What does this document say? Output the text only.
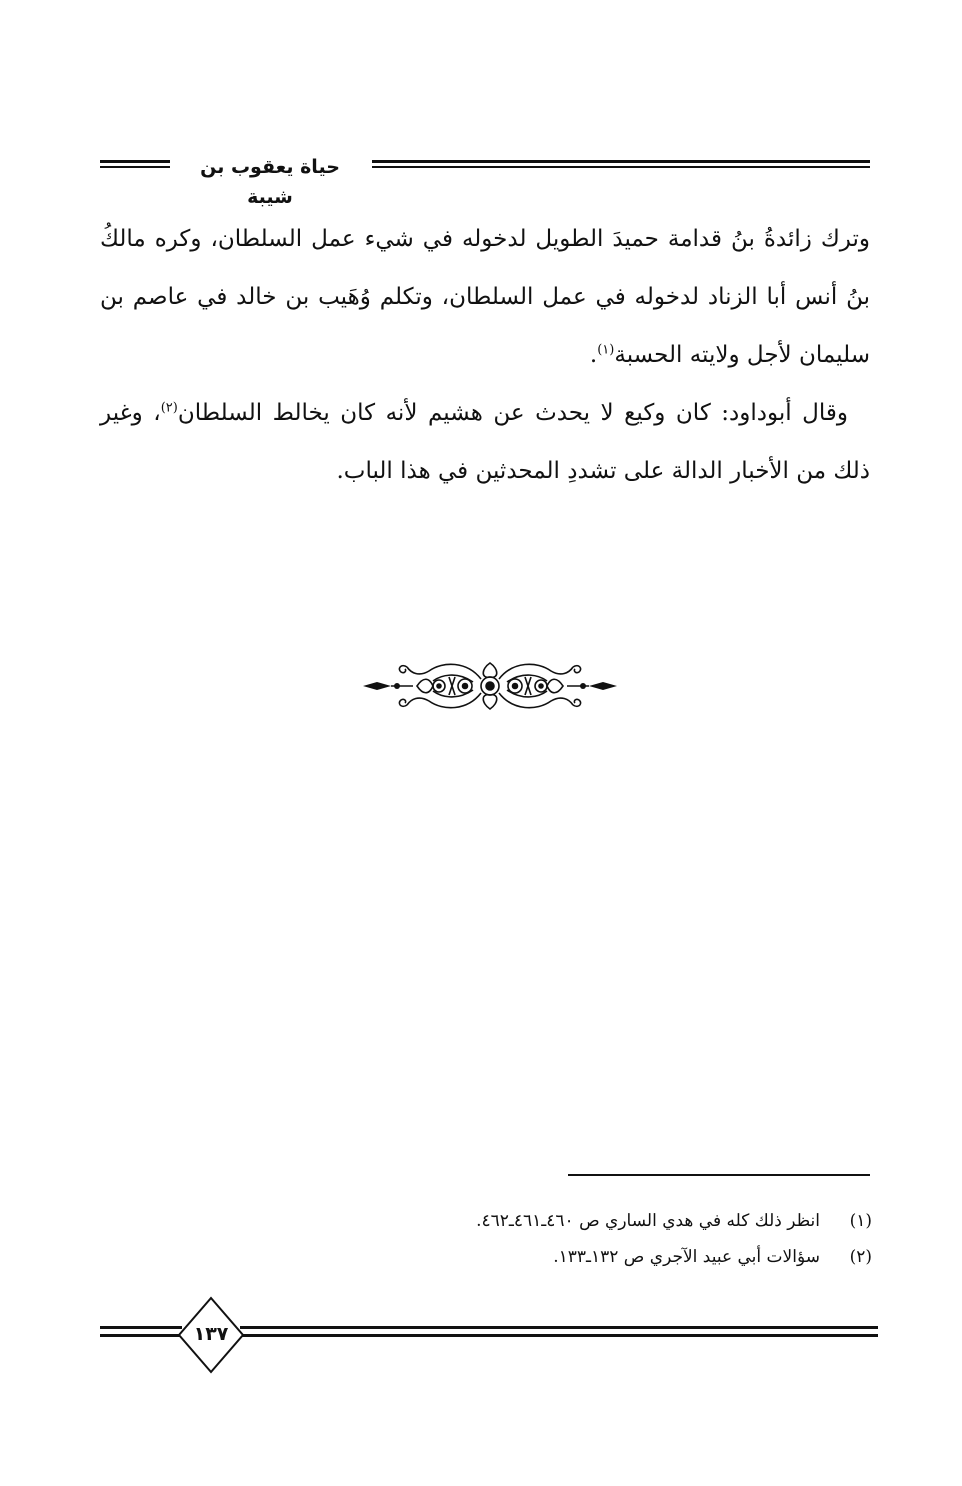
حياة يعقوب بن شيبة

وترك زائدةُ بنُ قدامة حميدَ الطويل لدخوله في شيء عمل السلطان، وكره مالكُ بنُ أنس أبا الزناد لدخوله في عمل السلطان، وتكلم وُهَيب بن خالد في عاصم بن سليمان لأجل ولايته الحسبة$^{(١)}$.

وقال أبوداود: كان وكيع لا يحدث عن هشيم لأنه كان يخالط السلطان$^{(٢)}$، وغير ذلك من الأخبار الدالة على تشددِ المحدثين في هذا الباب.

(١)
انظر ذلك كله في هدي الساري ص ٤٦٠ـ٤٦١ـ٤٦٢.

(٢)
سؤالات أبي عبيد الآجري ص ١٣٢ـ١٣٣.

١٣٧
